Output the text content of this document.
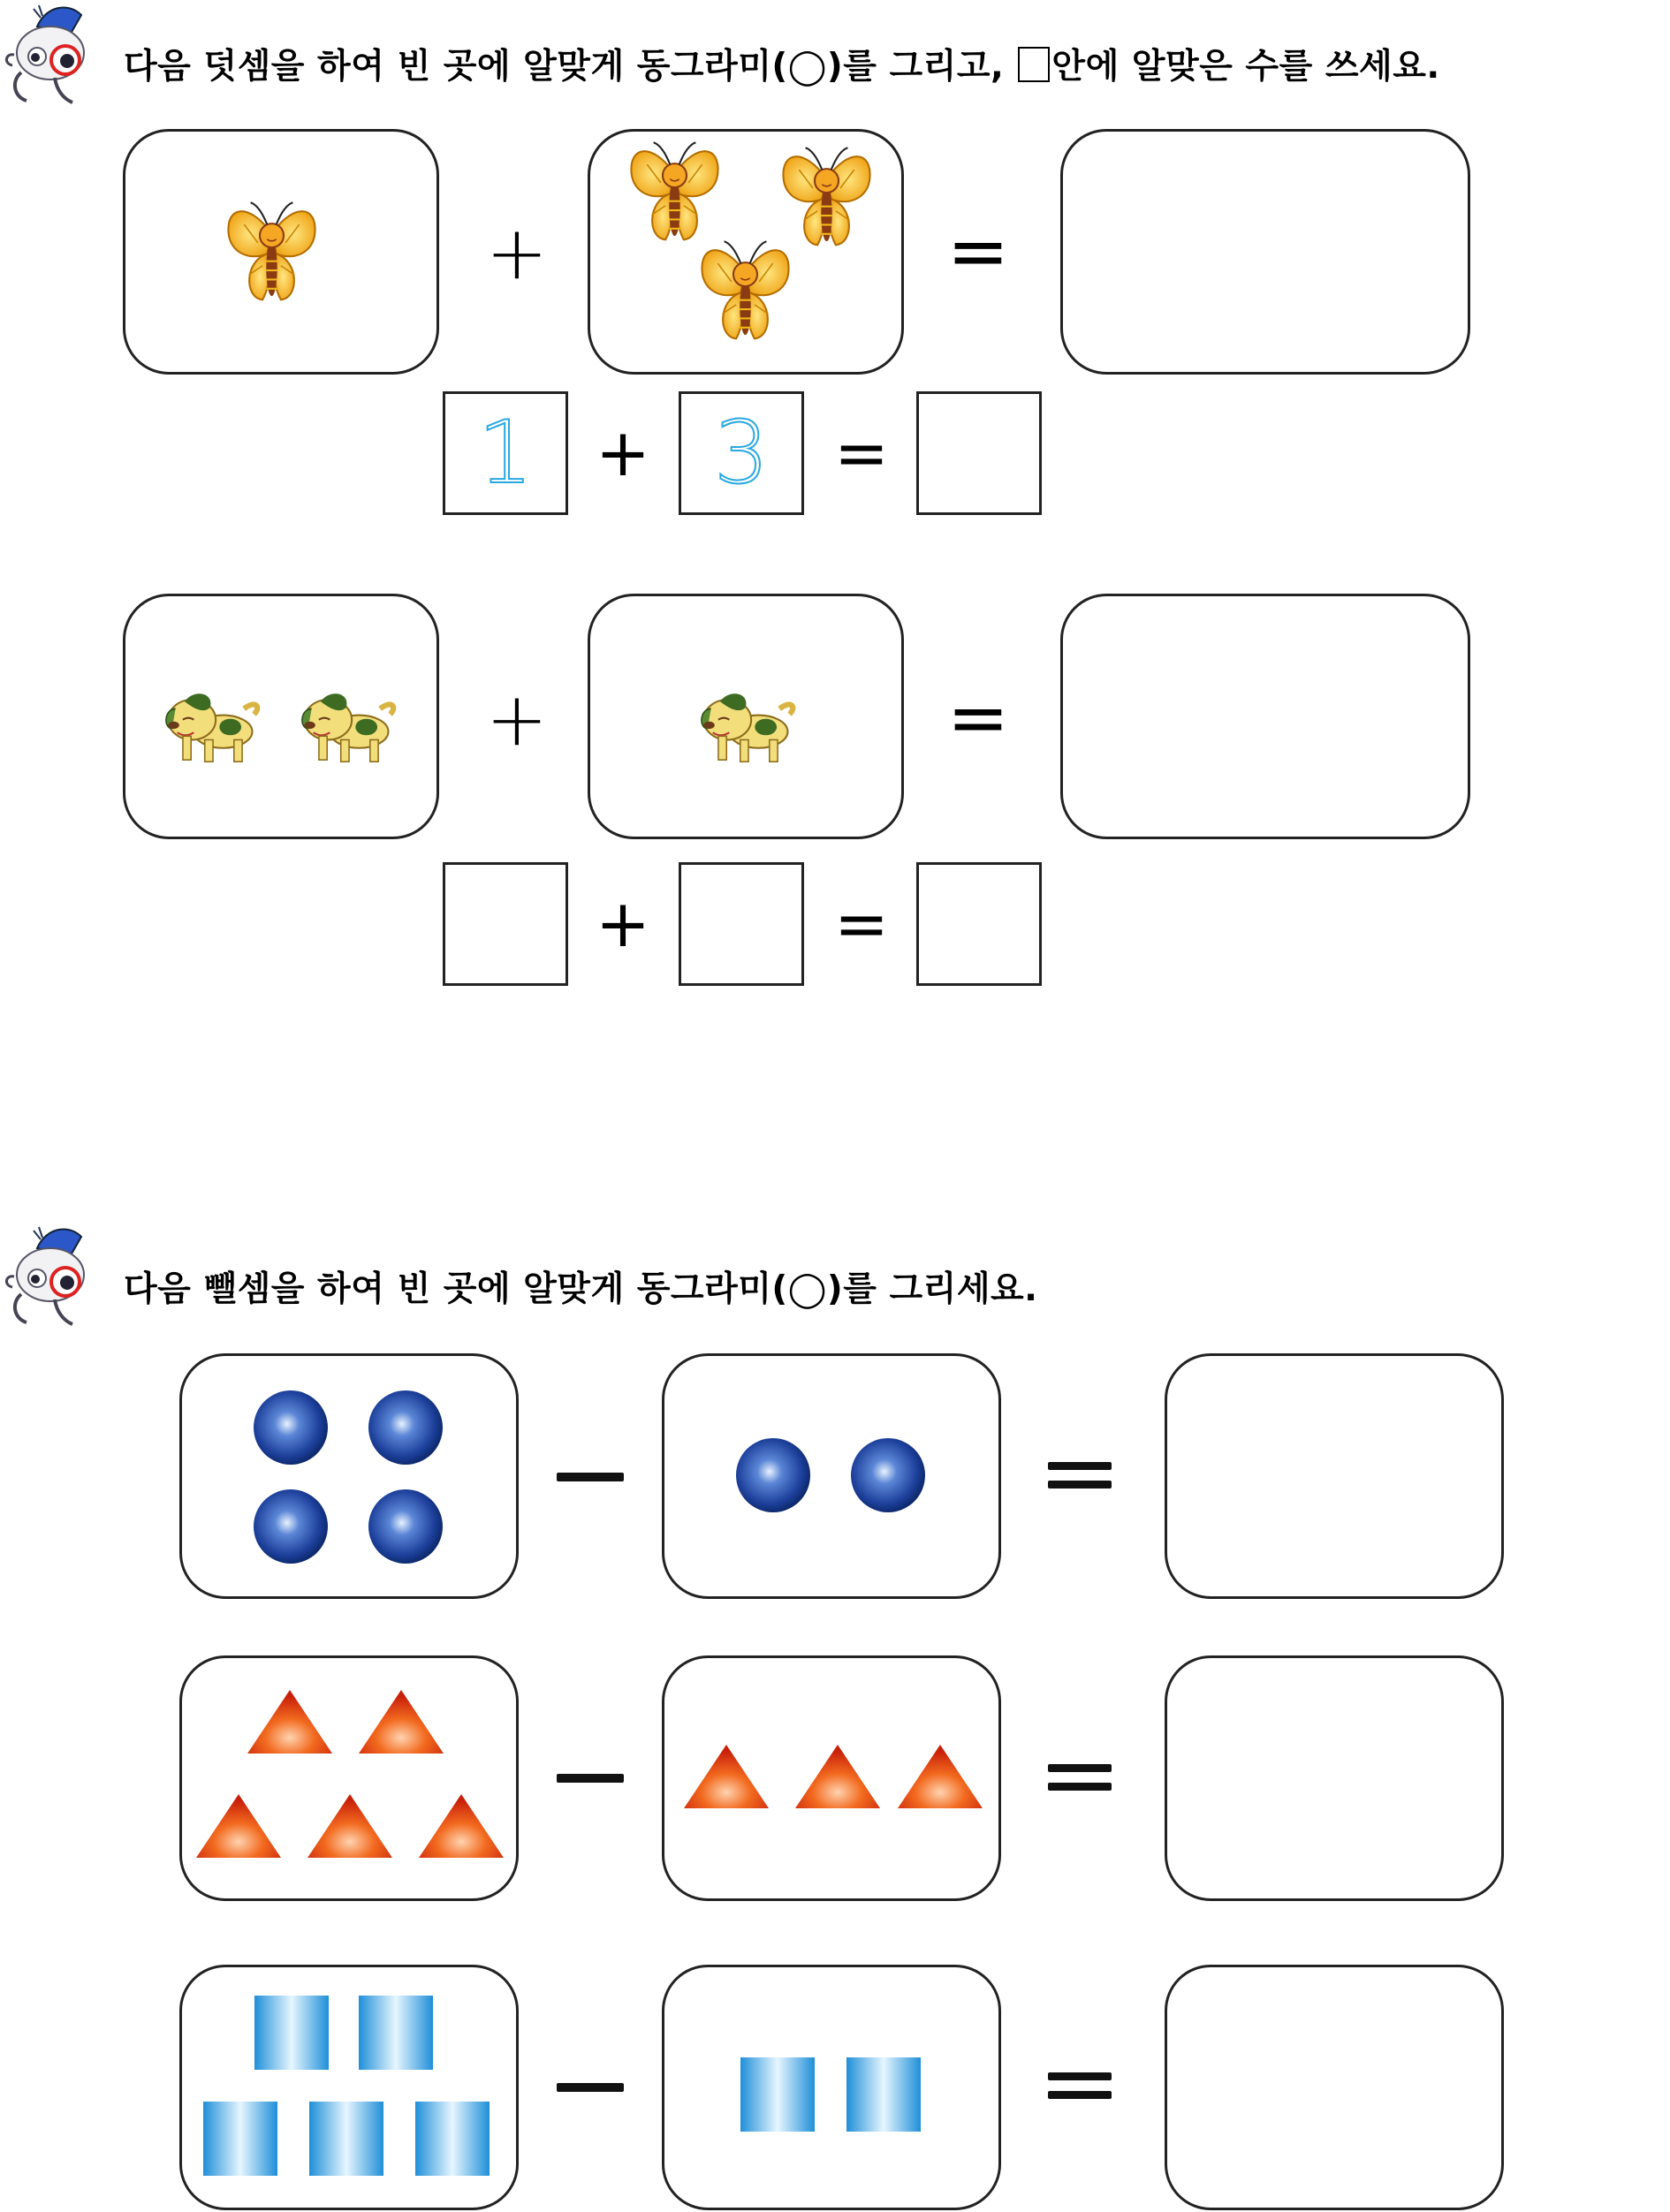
다음 덧셈을 하여 빈 곳에 알맞게 동그라미(◯)를 그리고, 안에 알맞은 수를 쓰세요.
+	=
1 + 3 =
+	=
+	=
다음 뺄셈을 하여 빈 곳에 알맞게 동그라미(◯)를 그리세요.
